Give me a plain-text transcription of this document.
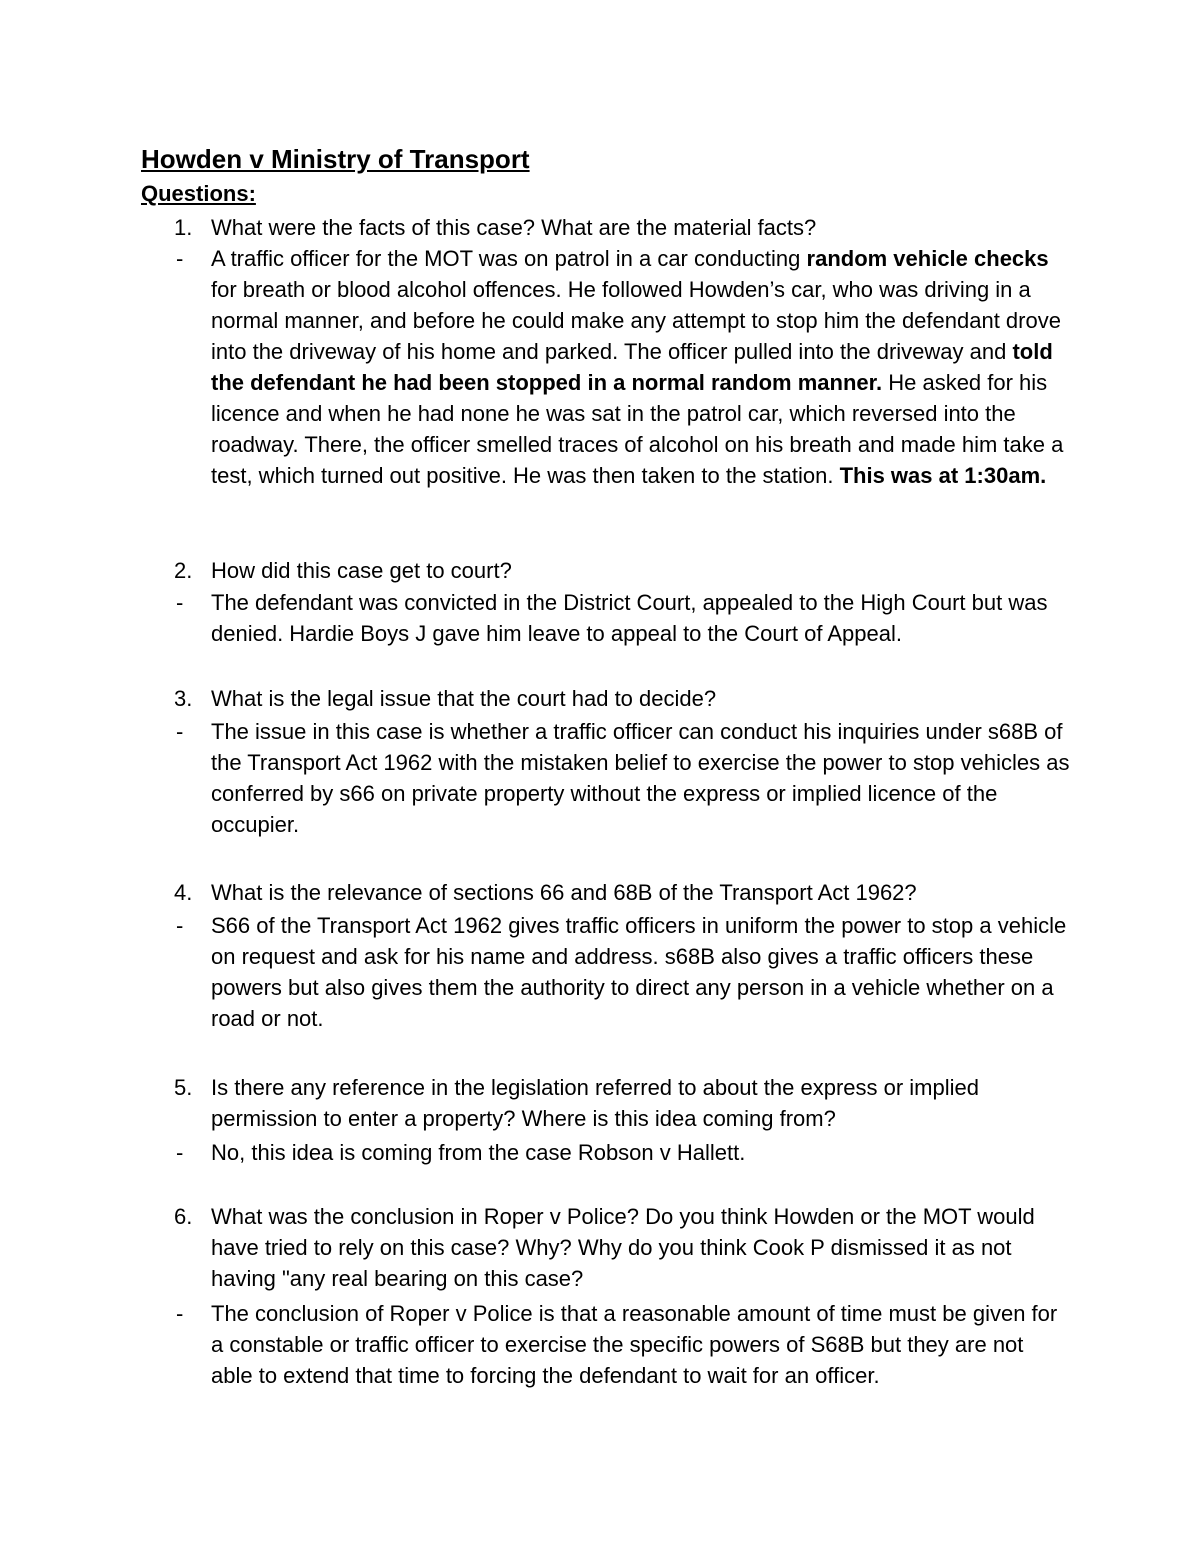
Howden v Ministry of Transport
Questions:
1. What were the facts of this case? What are the material facts?
- A traffic officer for the MOT was on patrol in a car conducting random vehicle checks for breath or blood alcohol offences. He followed Howden’s car, who was driving in a normal manner, and before he could make any attempt to stop him the defendant drove into the driveway of his home and parked. The officer pulled into the driveway and told the defendant he had been stopped in a normal random manner. He asked for his licence and when he had none he was sat in the patrol car, which reversed into the roadway. There, the officer smelled traces of alcohol on his breath and made him take a test, which turned out positive. He was then taken to the station. This was at 1:30am.
2. How did this case get to court?
- The defendant was convicted in the District Court, appealed to the High Court but was denied. Hardie Boys J gave him leave to appeal to the Court of Appeal.
3. What is the legal issue that the court had to decide?
- The issue in this case is whether a traffic officer can conduct his inquiries under s68B of the Transport Act 1962 with the mistaken belief to exercise the power to stop vehicles as conferred by s66 on private property without the express or implied licence of the occupier.
4. What is the relevance of sections 66 and 68B of the Transport Act 1962?
- S66 of the Transport Act 1962 gives traffic officers in uniform the power to stop a vehicle on request and ask for his name and address. s68B also gives a traffic officers these powers but also gives them the authority to direct any person in a vehicle whether on a road or not.
5. Is there any reference in the legislation referred to about the express or implied permission to enter a property? Where is this idea coming from?
- No, this idea is coming from the case Robson v Hallett.
6. What was the conclusion in Roper v Police? Do you think Howden or the MOT would have tried to rely on this case? Why? Why do you think Cook P dismissed it as not having "any real bearing on this case?
- The conclusion of Roper v Police is that a reasonable amount of time must be given for a constable or traffic officer to exercise the specific powers of S68B but they are not able to extend that time to forcing the defendant to wait for an officer.
